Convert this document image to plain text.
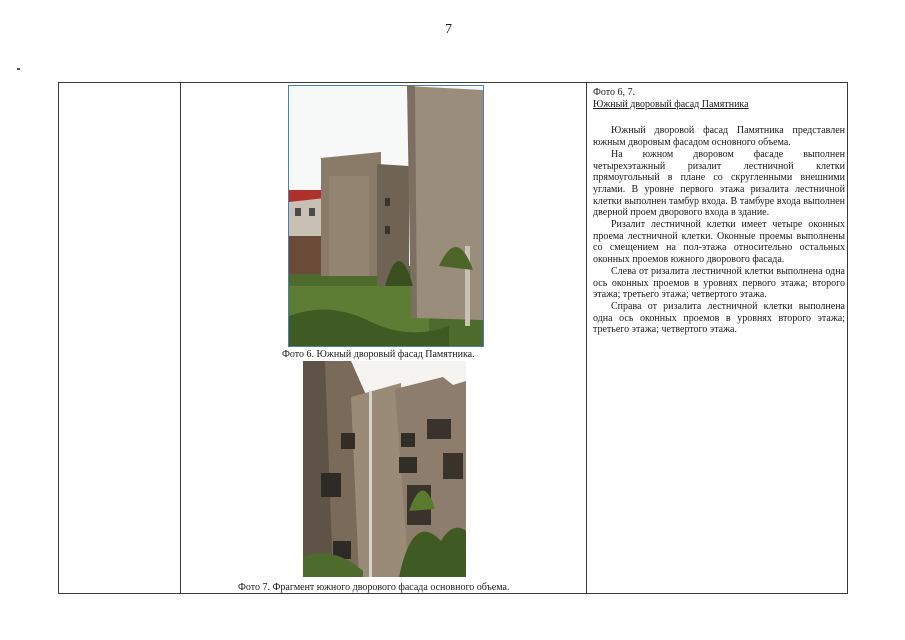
7
Фото 6. Южный дворовый фасад Памятника.
Фото 7. Фрагмент южного дворового фасада основного объема.
Фото 6, 7.
Южный дворовый фасад Памятника

Южный дворовой фасад Памятника представлен южным дворовым фасадом основного объема.

На южном дворовом фасаде выполнен четырехэтажный ризалит лестничной клетки прямоугольный в плане со скругленными внешними углами. В уровне первого этажа ризалита лестничной клетки выполнен тамбур входа. В тамбуре входа выполнен дверной проем дворового входа в здание.

Ризалит лестничной клетки имеет четыре оконных проема лестничной клетки. Оконные проемы выполнены со смещением на пол-этажа относительно остальных оконных проемов южного дворового фасада.

Слева от ризалита лестничной клетки выполнена одна ось оконных проемов в уровнях первого этажа; второго этажа; третьего этажа; четвертого этажа.

Справа от ризалита лестничной клетки выполнена одна ось оконных проемов в уровнях второго этажа; третьего этажа; четвертого этажа.
